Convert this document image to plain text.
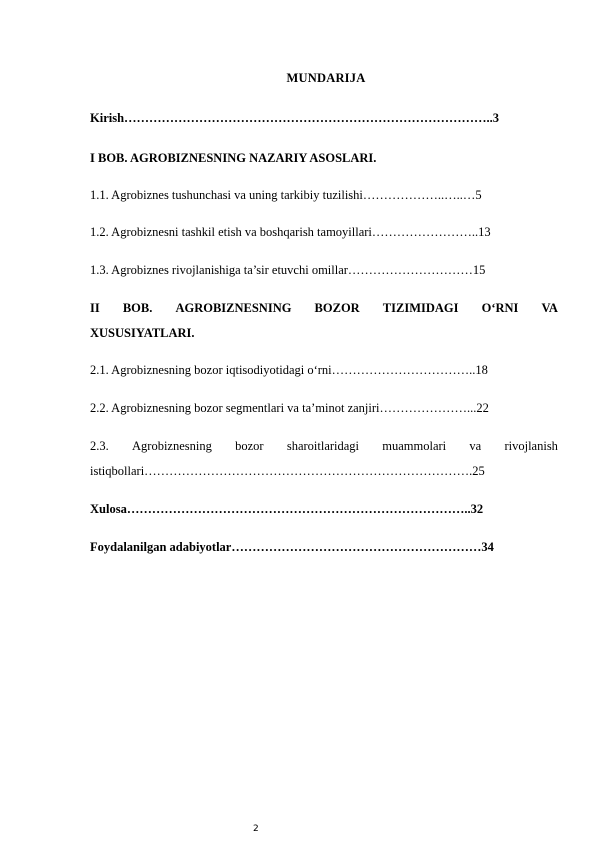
MUNDARIJA
Kirish……………………………………………………………………………..3
I BOB. AGROBIZNESNING NAZARIY ASOSLARI.
1.1. Agrobiznes tushunchasi va uning tarkibiy tuzilishi………………..…..…5
1.2. Agrobiznesni tashkil etish va boshqarish tamoyillari……………………..13
1.3. Agrobiznes rivojlanishiga ta’sir etuvchi omillar…………………………15
II BOB. AGROBIZNESNING BOZOR TIZIMIDAGI O‘RNI VA
XUSUSIYATLARI.
2.1. Agrobiznesning bozor iqtisodiyotidagi o‘rni……………………………..18
2.2. Agrobiznesning bozor segmentlari va ta’minot zanjiri…………………...22
2.3. Agrobiznesning bozor sharoitlaridagi muammolari va rivojlanish
istiqbollari…………………………………………………………………….25
Xulosa………………………………………………………………………..32
Foydalanilgan adabiyotlar……………………………………………………34
2
